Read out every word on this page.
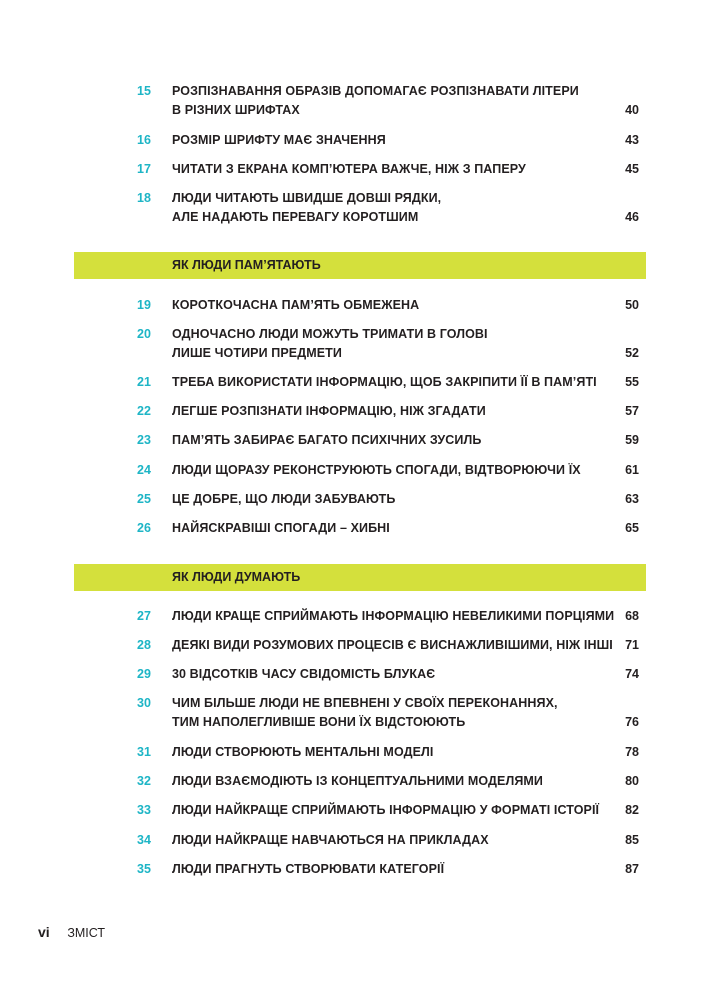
15	РОЗПІЗНАВАННЯ ОБРАЗІВ ДОПОМАГАЄ РОЗПІЗНАВАТИ ЛІТЕРИ
В РІЗНИХ ШРИФТАХ	40
16	РОЗМІР ШРИФТУ МАЄ ЗНАЧЕННЯ	43
17	ЧИТАТИ З ЕКРАНА КОМП’ЮТЕРА ВАЖЧЕ, НІЖ З ПАПЕРУ	45
18	ЛЮДИ ЧИТАЮТЬ ШВИДШЕ ДОВШІ РЯДКИ,
АЛЕ НАДАЮТЬ ПЕРЕВАГУ КОРОТШИМ	46
ЯК ЛЮДИ ПАМ’ЯТАЮТЬ
19	КОРОТКОЧАСНА ПАМ’ЯТЬ ОБМЕЖЕНА	50
20	ОДНОЧАСНО ЛЮДИ МОЖУТЬ ТРИМАТИ В ГОЛОВІ
ЛИШЕ ЧОТИРИ ПРЕДМЕТИ	52
21	ТРЕБА ВИКОРИСТАТИ ІНФОРМАЦІЮ, ЩОБ ЗАКРІПИТИ ЇЇ В ПАМ’ЯТІ	55
22	ЛЕГШЕ РОЗПІЗНАТИ ІНФОРМАЦІЮ, НІЖ ЗГАДАТИ	57
23	ПАМ’ЯТЬ ЗАБИРАЄ БАГАТО ПСИХІЧНИХ ЗУСИЛЬ	59
24	ЛЮДИ ЩОРАЗУ РЕКОНСТРУЮЮТЬ СПОГАДИ, ВІДТВОРЮЮЧИ ЇХ	61
25	ЦЕ ДОБРЕ, ЩО ЛЮДИ ЗАБУВАЮТЬ	63
26	НАЙЯСКРАВІШІ СПОГАДИ – ХИБНІ	65
ЯК ЛЮДИ ДУМАЮТЬ
27	ЛЮДИ КРАЩЕ СПРИЙМАЮТЬ ІНФОРМАЦІЮ НЕВЕЛИКИМИ ПОРЦІЯМИ 68
28	ДЕЯКІ ВИДИ РОЗУМОВИХ ПРОЦЕСІВ Є ВИСНАЖЛИВІШИМИ, НІЖ ІНШІ 71
29	30 ВІДСОТКІВ ЧАСУ СВІДОМІСТЬ БЛУКАЄ	74
30	ЧИМ БІЛЬШЕ ЛЮДИ НЕ ВПЕВНЕНІ У СВОЇХ ПЕРЕКОНАННЯХ,
ТИМ НАПОЛЕГЛИВІШЕ ВОНИ ЇХ ВІДСТОЮЮТЬ	76
31	ЛЮДИ СТВОРЮЮТЬ МЕНТАЛЬНІ МОДЕЛІ	78
32	ЛЮДИ ВЗАЄМОДІЮТЬ ІЗ КОНЦЕПТУАЛЬНИМИ МОДЕЛЯМИ	80
33	ЛЮДИ НАЙКРАЩЕ СПРИЙМАЮТЬ ІНФОРМАЦІЮ У ФОРМАТІ ІСТОРІЇ	82
34	ЛЮДИ НАЙКРАЩЕ НАВЧАЮТЬСЯ НА ПРИКЛАДАХ	85
35	ЛЮДИ ПРАГНУТЬ СТВОРЮВАТИ КАТЕГОРІЇ	87
vi ЗМІСТ
